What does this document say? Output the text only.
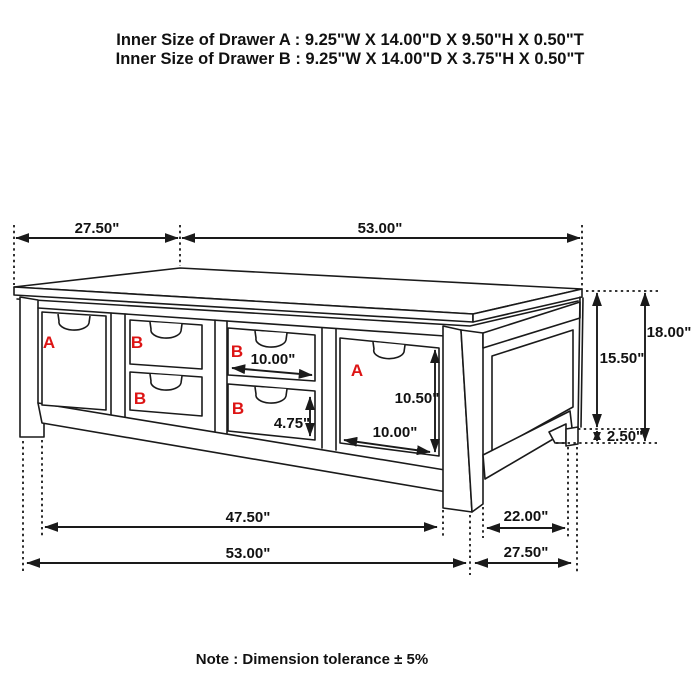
Inner Size of Drawer A : 9.25"W X 14.00"D X 9.50"H X 0.50"T
Inner Size of Drawer B : 9.25"W X 14.00"D X 3.75"H X 0.50"T
A	B
B
B
B
A
27.50"	53.00"
15.50"
18.00"
2.50"
10.00"
4.75"
10.50"
10.00"
47.50"	22.00"
53.00"	27.50"
Note : Dimension tolerance ± 5%
